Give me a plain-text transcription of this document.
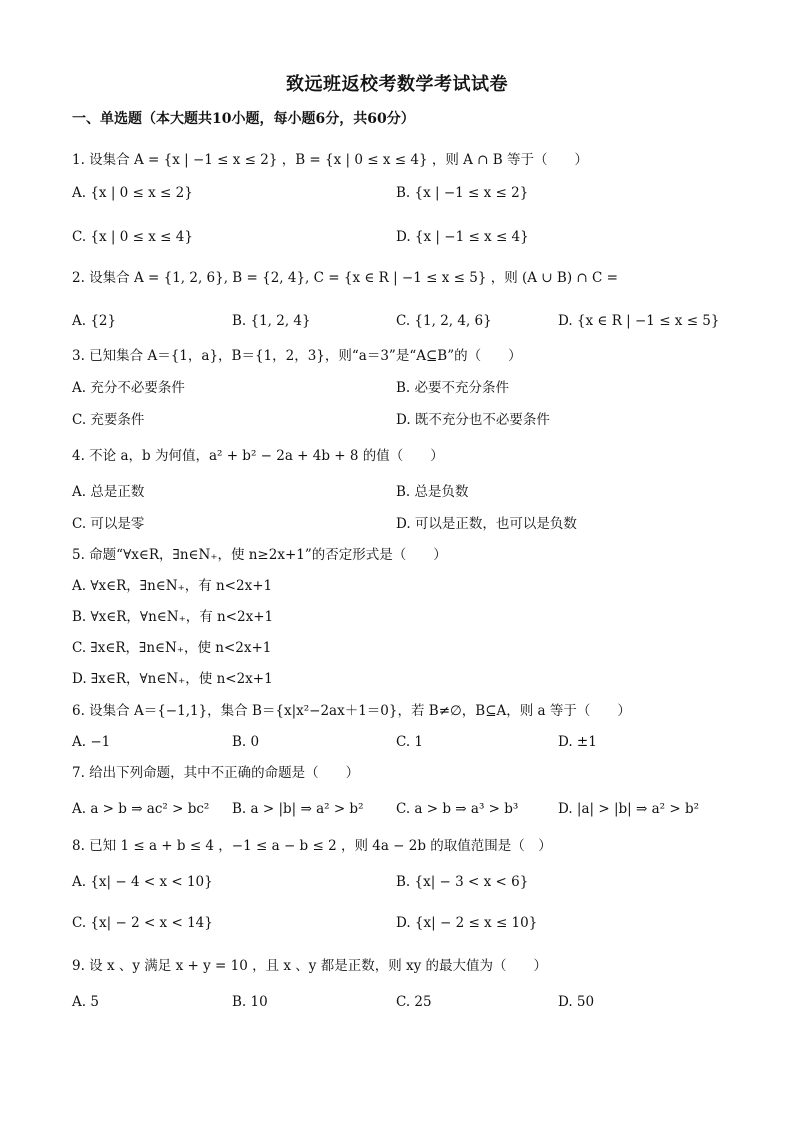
致远班返校考数学考试试卷
一、单选题（本大题共10小题，每小题6分，共60分）
1. 设集合 A = {x | −1 ≤ x ≤ 2} ，B = {x | 0 ≤ x ≤ 4} ，则 A ∩ B 等于（　　）
A. {x | 0 ≤ x ≤ 2}	B. {x | −1 ≤ x ≤ 2}
C. {x | 0 ≤ x ≤ 4}	D. {x | −1 ≤ x ≤ 4}
2. 设集合 A = {1, 2, 6}, B = {2, 4}, C = {x ∈ R | −1 ≤ x ≤ 5} ，则 (A ∪ B) ∩ C =
A. {2}	B. {1, 2, 4}	C. {1, 2, 4, 6}	D. {x ∈ R | −1 ≤ x ≤ 5}
3. 已知集合 A＝{1，a}，B＝{1，2，3}，则“a＝3”是“A⊆B”的（　　）
A. 充分不必要条件	B. 必要不充分条件
C. 充要条件	D. 既不充分也不必要条件
4. 不论 a，b 为何值，a² + b² − 2a + 4b + 8 的值（　　）
A. 总是正数	B. 总是负数
C. 可以是零	D. 可以是正数，也可以是负数
5. 命题“∀x∈R，∃n∈N₊，使 n≥2x+1”的否定形式是（　　）
A. ∀x∈R，∃n∈N₊，有 n<2x+1
B. ∀x∈R，∀n∈N₊，有 n<2x+1
C. ∃x∈R，∃n∈N₊，使 n<2x+1
D. ∃x∈R，∀n∈N₊，使 n<2x+1
6. 设集合 A＝{−1,1}，集合 B＝{x|x²−2ax＋1＝0}，若 B≠∅，B⊆A，则 a 等于（　　）
A. −1	B. 0	C. 1	D. ±1
7. 给出下列命题，其中不正确的命题是（　　）
A. a > b ⇒ ac² > bc² B. a > |b| ⇒ a² > b² C. a > b ⇒ a³ > b³	D. |a| > |b| ⇒ a² > b²
8. 已知 1 ≤ a + b ≤ 4 ，−1 ≤ a − b ≤ 2 ，则 4a − 2b 的取值范围是（　）
A. {x| − 4 < x < 10}	B. {x| − 3 < x < 6}
C. {x| − 2 < x < 14}	D. {x| − 2 ≤ x ≤ 10}
9. 设 x 、y 满足 x + y = 10 ，且 x 、y 都是正数，则 xy 的最大值为（　　）
A. 5	B. 10	C. 25	D. 50
